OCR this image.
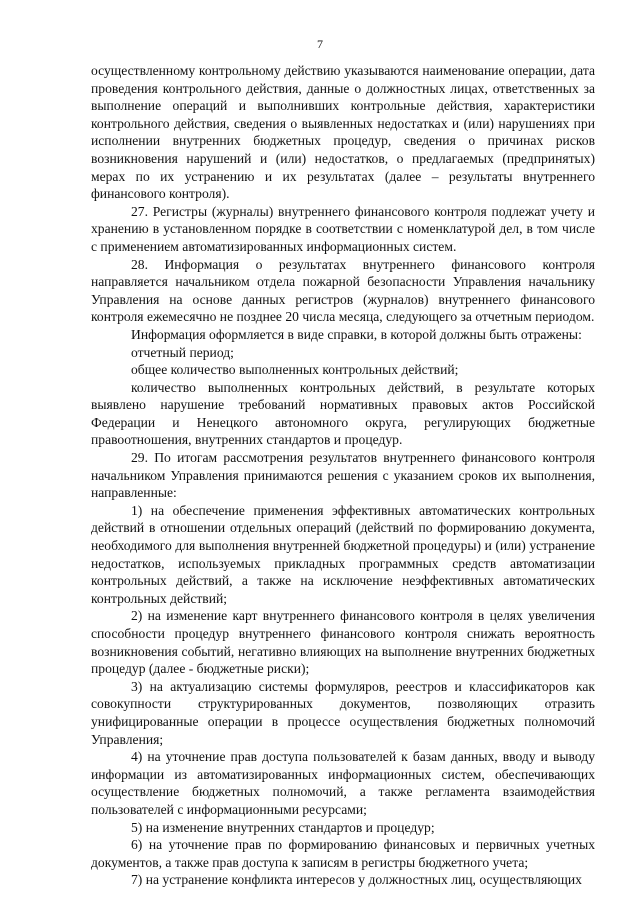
7

осуществленному контрольному действию указываются наименование операции, дата проведения контрольного действия, данные о должностных лицах, ответственных за выполнение операций и выполнивших контрольные действия, характеристики контрольного действия, сведения о выявленных недостатках и (или) нарушениях при исполнении внутренних бюджетных процедур, сведения о причинах рисков возникновения нарушений и (или) недостатков, о предлагаемых (предпринятых) мерах по их устранению и их результатах (далее – результаты внутреннего финансового контроля).

27. Регистры (журналы) внутреннего финансового контроля подлежат учету и хранению в установленном порядке в соответствии с номенклатурой дел, в том числе с применением автоматизированных информационных систем.

28. Информация о результатах внутреннего финансового контроля направляется начальником отдела пожарной безопасности Управления начальнику Управления на основе данных регистров (журналов) внутреннего финансового контроля ежемесячно не позднее 20 числа месяца, следующего за отчетным периодом.

Информация оформляется в виде справки, в которой должны быть отражены:

отчетный период;

общее количество выполненных контрольных действий;

количество выполненных контрольных действий, в результате которых выявлено нарушение требований нормативных правовых актов Российской Федерации и Ненецкого автономного округа, регулирующих бюджетные правоотношения, внутренних стандартов и процедур.

29. По итогам рассмотрения результатов внутреннего финансового контроля начальником Управления принимаются решения с указанием сроков их выполнения, направленные:

1) на обеспечение применения эффективных автоматических контрольных действий в отношении отдельных операций (действий по формированию документа, необходимого для выполнения внутренней бюджетной процедуры) и (или) устранение недостатков, используемых прикладных программных средств автоматизации контрольных действий, а также на исключение неэффективных автоматических контрольных действий;

2) на изменение карт внутреннего финансового контроля в целях увеличения способности процедур внутреннего финансового контроля снижать вероятность возникновения событий, негативно влияющих на выполнение внутренних бюджетных процедур (далее - бюджетные риски);

3) на актуализацию системы формуляров, реестров и классификаторов как совокупности структурированных документов, позволяющих отразить унифицированные операции в процессе осуществления бюджетных полномочий Управления;

4) на уточнение прав доступа пользователей к базам данных, вводу и выводу информации из автоматизированных информационных систем, обеспечивающих осуществление бюджетных полномочий, а также регламента взаимодействия пользователей с информационными ресурсами;

5) на изменение внутренних стандартов и процедур;

6) на уточнение прав по формированию финансовых и первичных учетных документов, а также прав доступа к записям в регистры бюджетного учета;

7) на устранение конфликта интересов у должностных лиц, осуществляющих
